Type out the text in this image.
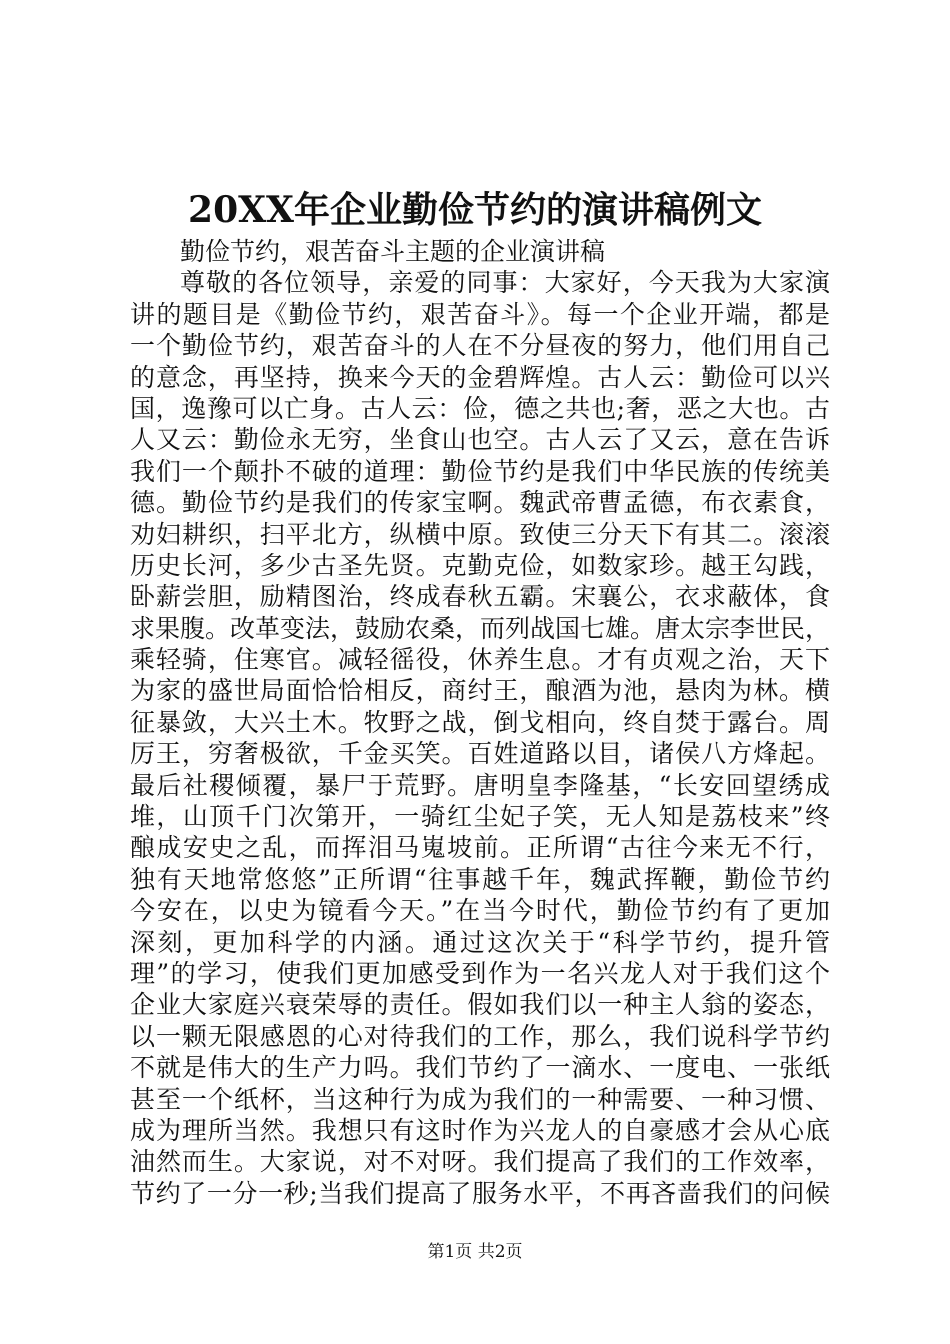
20XX年企业勤俭节约的演讲稿例文
勤俭节约，艰苦奋斗主题的企业演讲稿
尊敬的各位领导，亲爱的同事：大家好，今天我为大家演
讲的题目是《勤俭节约，艰苦奋斗》。每一个企业开端，都是
一个勤俭节约，艰苦奋斗的人在不分昼夜的努力，他们用自己
的意念，再坚持，换来今天的金碧辉煌。古人云：勤俭可以兴
国，逸豫可以亡身。古人云：俭，德之共也;奢，恶之大也。古
人又云：勤俭永无穷，坐食山也空。古人云了又云，意在告诉
我们一个颠扑不破的道理：勤俭节约是我们中华民族的传统美
德。勤俭节约是我们的传家宝啊。魏武帝曹孟德，布衣素食，
劝妇耕织，扫平北方，纵横中原。致使三分天下有其二。滚滚
历史长河，多少古圣先贤。克勤克俭，如数家珍。越王勾践，
卧薪尝胆，励精图治，终成春秋五霸。宋襄公，衣求蔽体，食
求果腹。改革变法，鼓励农桑，而列战国七雄。唐太宗李世民，
乘轻骑，住寒官。减轻徭役，休养生息。才有贞观之治，天下
为家的盛世局面恰恰相反，商纣王，酿酒为池，悬肉为林。横
征暴敛，大兴土木。牧野之战，倒戈相向，终自焚于露台。周
厉王，穷奢极欲，千金买笑。百姓道路以目，诸侯八方烽起。
最后社稷倾覆，暴尸于荒野。唐明皇李隆基，“长安回望绣成
堆，山顶千门次第开，一骑红尘妃子笑，无人知是荔枝来”终
酿成安史之乱，而挥泪马嵬坡前。正所谓“古往今来无不行，
独有天地常悠悠”正所谓“往事越千年，魏武挥鞭，勤俭节约
今安在，以史为镜看今天。”在当今时代，勤俭节约有了更加
深刻，更加科学的内涵。通过这次关于“科学节约，提升管
理”的学习，使我们更加感受到作为一名兴龙人对于我们这个
企业大家庭兴衰荣辱的责任。假如我们以一种主人翁的姿态，
以一颗无限感恩的心对待我们的工作，那么，我们说科学节约
不就是伟大的生产力吗。我们节约了一滴水、一度电、一张纸
甚至一个纸杯，当这种行为成为我们的一种需要、一种习惯、
成为理所当然。我想只有这时作为兴龙人的自豪感才会从心底
油然而生。大家说，对不对呀。我们提高了我们的工作效率，
节约了一分一秒;当我们提高了服务水平，不再吝啬我们的问候
第1页 共2页
